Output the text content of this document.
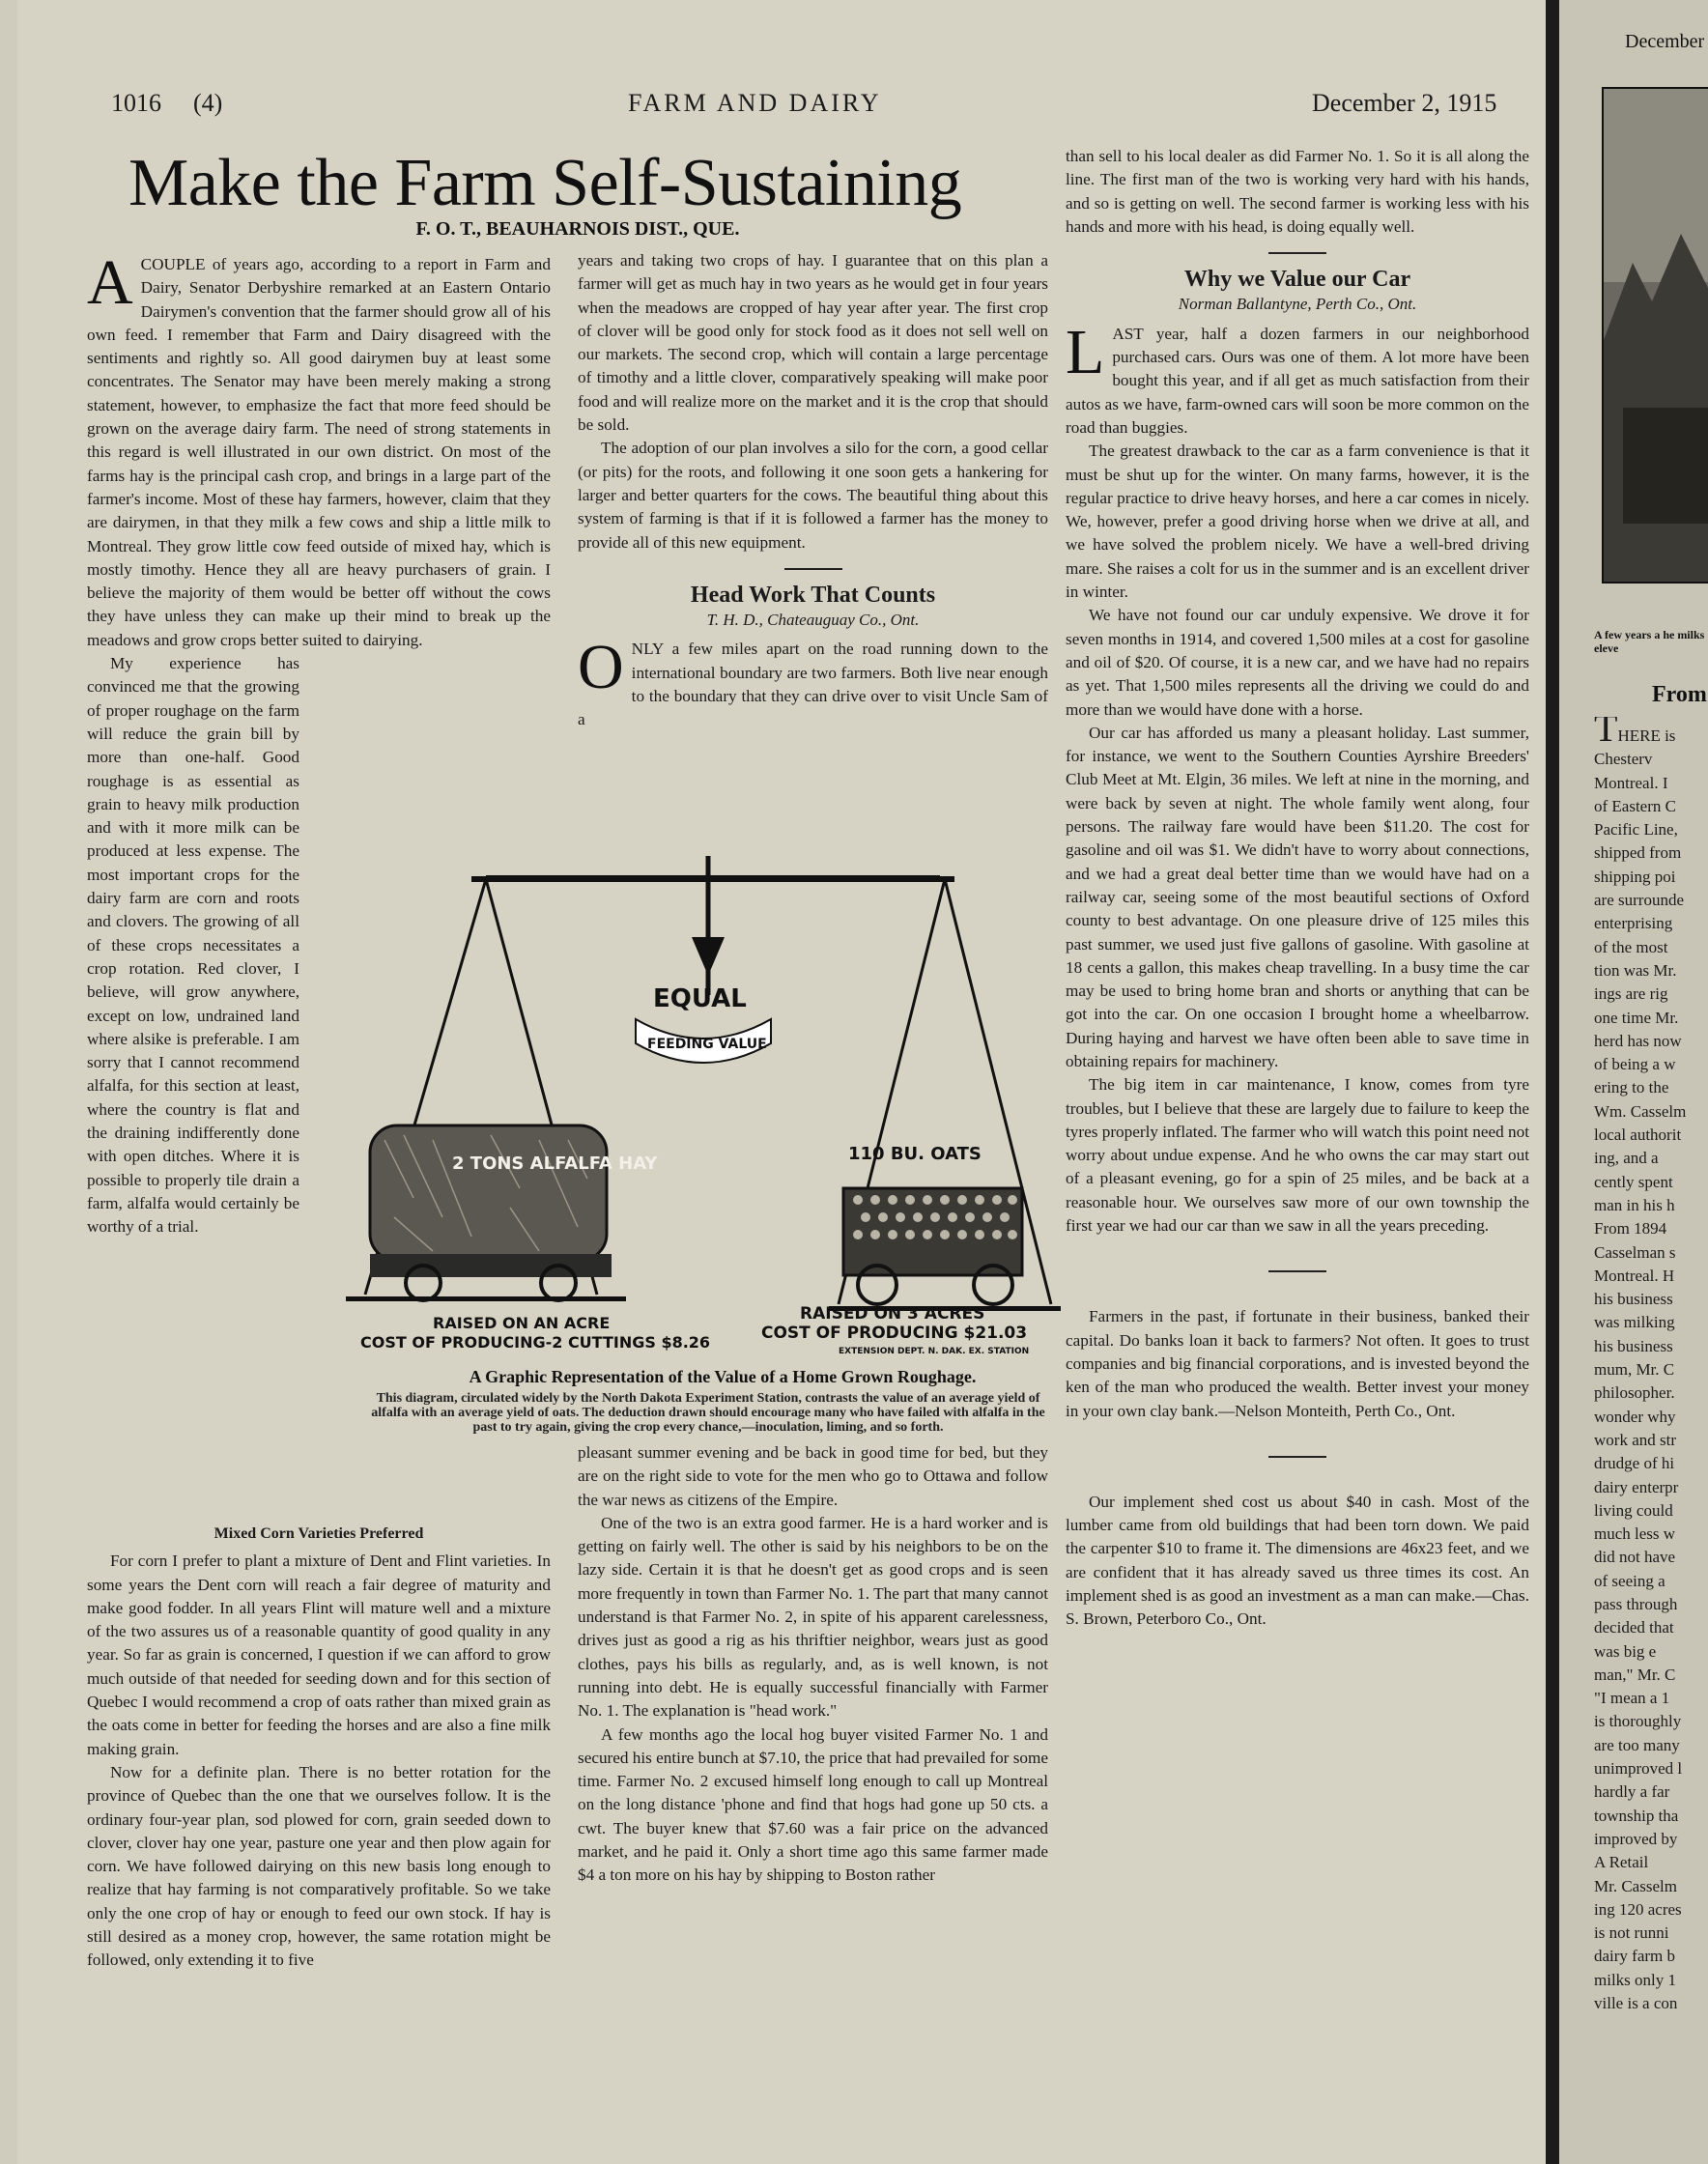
1016 (4)	FARM AND DAIRY	December 2, 1915
Make the Farm Self-Sustaining
F. O. T., BEAUHARNOIS DIST., QUE.

ACOUPLE of years ago, according to a report in Farm and Dairy, Senator Derbyshire remarked at an Eastern Ontario Dairymen's convention that the farmer should grow all of his own feed. I remember that Farm and Dairy disagreed with the sentiments and rightly so. All good dairymen buy at least some concentrates. The Senator may have been merely making a strong statement, however, to emphasize the fact that more feed should be grown on the average dairy farm. The need of strong statements in this regard is well illustrated in our own district. On most of the farms hay is the principal cash crop, and brings in a large part of the farmer's income. Most of these hay farmers, however, claim that they are dairymen, in that they milk a few cows and ship a little milk to Montreal. They grow little cow feed outside of mixed hay, which is mostly timothy. Hence they all are heavy purchasers of grain. I believe the majority of them would be better off without the cows they have unless they can make up their mind to break up the meadows and grow crops better suited to dairying.

My experience has convinced me that the growing of proper roughage on the farm will reduce the grain bill by more than one-half. Good roughage is as essential as grain to heavy milk production and with it more milk can be produced at less expense. The most important crops for the dairy farm are corn and roots and clovers. The growing of all of these crops necessitates a crop rotation. Red clover, I believe, will grow anywhere, except on low, undrained land where alsike is preferable. I am sorry that I cannot recommend alfalfa, for this section at least, where the country is flat and the draining indifferently done with open ditches. Where it is possible to properly tile drain a farm, alfalfa would certainly be worthy of a trial.

Mixed Corn Varieties Preferred

For corn I prefer to plant a mixture of Dent and Flint varieties. In some years the Dent corn will reach a fair degree of maturity and make good fodder. In all years Flint will mature well and a mixture of the two assures us of a reasonable quantity of good quality in any year. So far as grain is concerned, I question if we can afford to grow much outside of that needed for seeding down and for this section of Quebec I would recommend a crop of oats rather than mixed grain as the oats come in better for feeding the horses and are also a fine milk making grain.

Now for a definite plan. There is no better rotation for the province of Quebec than the one that we ourselves follow. It is the ordinary four-year plan, sod plowed for corn, grain seeded down to clover, clover hay one year, pasture one year and then plow again for corn. We have followed dairying on this new basis long enough to realize that hay farming is not comparatively profitable. So we take only the one crop of hay or enough to feed our own stock. If hay is still desired as a money crop, however, the same rotation might be followed, only extending it to five

years and taking two crops of hay. I guarantee that on this plan a farmer will get as much hay in two years as he would get in four years when the meadows are cropped of hay year after year. The first crop of clover will be good only for stock food as it does not sell well on our markets. The second crop, which will contain a large percentage of timothy and a little clover, comparatively speaking will make poor food and will realize more on the market and it is the crop that should be sold.

The adoption of our plan involves a silo for the corn, a good cellar (or pits) for the roots, and following it one soon gets a hankering for larger and better quarters for the cows. The beautiful thing about this system of farming is that if it is followed a farmer has the money to provide all of this new equipment.

Head Work That Counts
T. H. D., Chateauguay Co., Ont.

ONLY a few miles apart on the road running down to the international boundary are two farmers. Both live near enough to the boundary that they can drive over to visit Uncle Sam of a

EQUAL
FEEDING VALUE
2 TONS ALFALFA HAY	110 BU. OATS
RAISED ON AN ACRE
COST OF PRODUCING-2 CUTTINGS $8.26
RAISED ON 3 ACRES
COST OF PRODUCING $21.03
EXTENSION DEPT. N. DAK. EX. STATION
A Graphic Representation of the Value of a Home Grown Roughage.
This diagram, circulated widely by the North Dakota Experiment Station, contrasts the value of an average yield of alfalfa with an average yield of oats. The deduction drawn should encourage many who have failed with alfalfa in the past to try again, giving the crop every chance,—inoculation, liming, and so forth.

pleasant summer evening and be back in good time for bed, but they are on the right side to vote for the men who go to Ottawa and follow the war news as citizens of the Empire.

One of the two is an extra good farmer. He is a hard worker and is getting on fairly well. The other is said by his neighbors to be on the lazy side. Certain it is that he doesn't get as good crops and is seen more frequently in town than Farmer No. 1. The part that many cannot understand is that Farmer No. 2, in spite of his apparent carelessness, drives just as good a rig as his thriftier neighbor, wears just as good clothes, pays his bills as regularly, and, as is well known, is not running into debt. He is equally successful financially with Farmer No. 1. The explanation is "head work."

A few months ago the local hog buyer visited Farmer No. 1 and secured his entire bunch at $7.10, the price that had prevailed for some time. Farmer No. 2 excused himself long enough to call up Montreal on the long distance 'phone and find that hogs had gone up 50 cts. a cwt. The buyer knew that $7.60 was a fair price on the advanced market, and he paid it. Only a short time ago this same farmer made $4 a ton more on his hay by shipping to Boston rather

than sell to his local dealer as did Farmer No. 1. So it is all along the line. The first man of the two is working very hard with his hands, and so is getting on well. The second farmer is working less with his hands and more with his head, is doing equally well.

Why we Value our Car
Norman Ballantyne, Perth Co., Ont.

LAST year, half a dozen farmers in our neighborhood purchased cars. Ours was one of them. A lot more have been bought this year, and if all get as much satisfaction from their autos as we have, farm-owned cars will soon be more common on the road than buggies.

The greatest drawback to the car as a farm convenience is that it must be shut up for the winter. On many farms, however, it is the regular practice to drive heavy horses, and here a car comes in nicely. We, however, prefer a good driving horse when we drive at all, and we have solved the problem nicely. We have a well-bred driving mare. She raises a colt for us in the summer and is an excellent driver in winter.

We have not found our car unduly expensive. We drove it for seven months in 1914, and covered 1,500 miles at a cost for gasoline and oil of $20. Of course, it is a new car, and we have had no repairs as yet. That 1,500 miles represents all the driving we could do and more than we would have done with a horse.

Our car has afforded us many a pleasant holiday. Last summer, for instance, we went to the Southern Counties Ayrshire Breeders' Club Meet at Mt. Elgin, 36 miles. We left at nine in the morning, and were back by seven at night. The whole family went along, four persons. The railway fare would have been $11.20. The cost for gasoline and oil was $1. We didn't have to worry about connections, and we had a great deal better time than we would have had on a railway car, seeing some of the most beautiful sections of Oxford county to best advantage. On one pleasure drive of 125 miles this past summer, we used just five gallons of gasoline. With gasoline at 18 cents a gallon, this makes cheap travelling. In a busy time the car may be used to bring home bran and shorts or anything that can be got into the car. On one occasion I brought home a wheelbarrow. During haying and harvest we have often been able to save time in obtaining repairs for machinery.

The big item in car maintenance, I know, comes from tyre troubles, but I believe that these are largely due to failure to keep the tyres properly inflated. The farmer who will watch this point need not worry about undue expense. And he who owns the car may start out of a pleasant evening, go for a spin of 25 miles, and be back at a reasonable hour. We ourselves saw more of our own township the first year we had our car than we saw in all the years preceding.

Farmers in the past, if fortunate in their business, banked their capital. Do banks loan it back to farmers? Not often. It goes to trust companies and big financial corporations, and is invested beyond the ken of the man who produced the wealth. Better invest your money in your own clay bank.—Nelson Monteith, Perth Co., Ont.

Our implement shed cost us about $40 in cash. Most of the lumber came from old buildings that had been torn down. We paid the carpenter $10 to frame it. The dimensions are 46x23 feet, and we are confident that it has already saved us three times its cost. An implement shed is as good an investment as a man can make.—Chas. S. Brown, Peterboro Co., Ont.

December
A few years a he milks eleve
From
THERE is
Chesterv
Montreal. I
of Eastern C
Pacific Line,
shipped from
shipping poi
are surrounde
enterprising
of the most
tion was Mr.
ings are rig
one time Mr.
herd has now
of being a w
ering to the
Wm. Casselm
local authorit
ing, and a
cently spent
man in his h
From 1894
Casselman s
Montreal. H
his business
was milking
his business
mum, Mr. C
philosopher.
wonder why
work and str
drudge of hi
dairy enterpr
living could
much less w
did not have
of seeing a
pass through
decided that
was big e
man," Mr. C
"I mean a 1
is thoroughly
are too many
unimproved l
hardly a far
township tha
improved by
A Retail
Mr. Casselm
ing 120 acres
is not runni
dairy farm b
milks only 1
ville is a con
